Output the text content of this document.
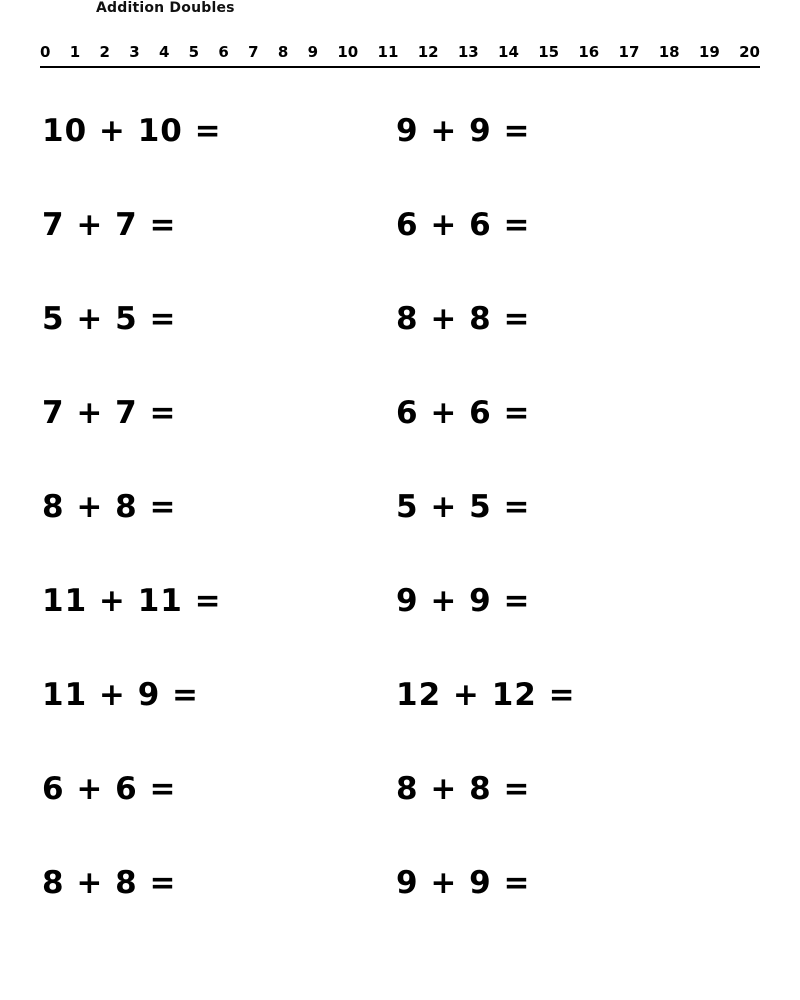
Addition Doubles
0 1 2 3 4 5 6 7 8 9 10 11 12 13 14 15 16 17 18 19 20
10 + 10 =	9 + 9 =
7 + 7 =	6 + 6 =
5 + 5 =	8 + 8 =
7 + 7 =	6 + 6 =
8 + 8 =	5 + 5 =
11 + 11 =	9 + 9 =
11 + 9 =	12 + 12 =
6 + 6 =	8 + 8 =
8 + 8 =	9 + 9 =
